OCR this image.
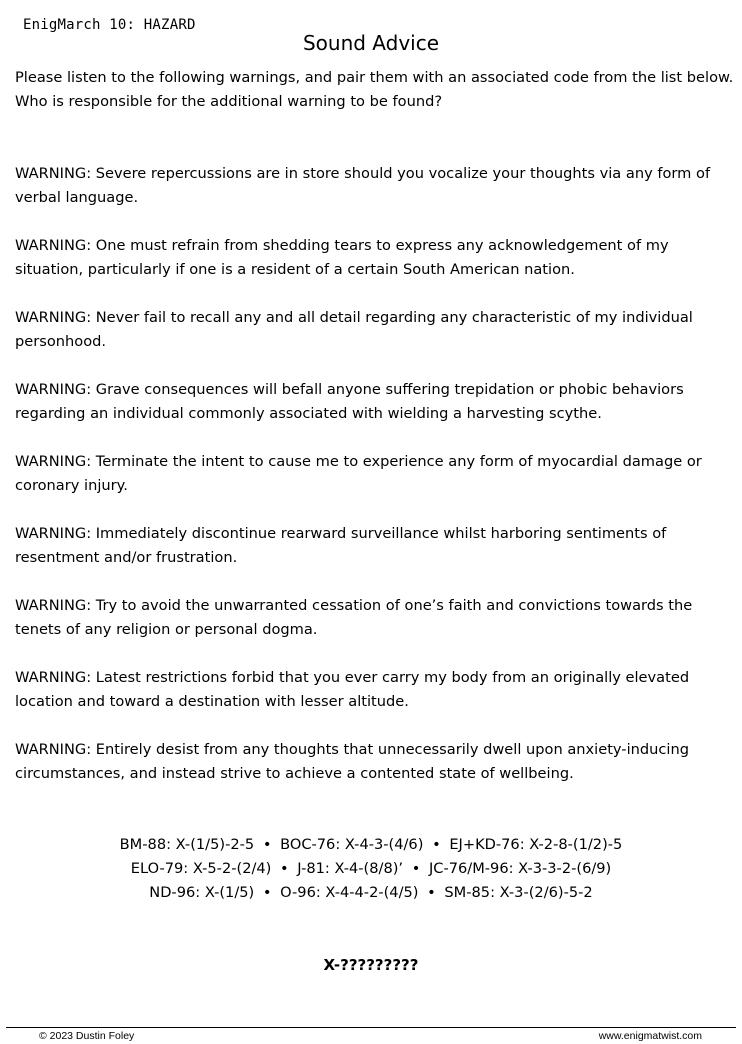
EnigMarch 10: HAZARD
Sound Advice
Please listen to the following warnings, and pair them with an associated code from the list below. Who is responsible for the additional warning to be found?
WARNING: Severe repercussions are in store should you vocalize your thoughts via any form of verbal language.
WARNING: One must refrain from shedding tears to express any acknowledgement of my situation, particularly if one is a resident of a certain South American nation.
WARNING: Never fail to recall any and all detail regarding any characteristic of my individual personhood.
WARNING: Grave consequences will befall anyone suffering trepidation or phobic behaviors regarding an individual commonly associated with wielding a harvesting scythe.
WARNING: Terminate the intent to cause me to experience any form of myocardial damage or coronary injury.
WARNING: Immediately discontinue rearward surveillance whilst harboring sentiments of resentment and/or frustration.
WARNING: Try to avoid the unwarranted cessation of one’s faith and convictions towards the tenets of any religion or personal dogma.
WARNING: Latest restrictions forbid that you ever carry my body from an originally elevated location and toward a destination with lesser altitude.
WARNING: Entirely desist from any thoughts that unnecessarily dwell upon anxiety-inducing circumstances, and instead strive to achieve a contented state of wellbeing.
BM-88: X-(1/5)-2-5 • BOC-76: X-4-3-(4/6) • EJ+KD-76: X-2-8-(1/2)-5
ELO-79: X-5-2-(2/4) • J-81: X-4-(8/8)’ • JC-76/M-96: X-3-3-2-(6/9)
ND-96: X-(1/5) • O-96: X-4-4-2-(4/5) • SM-85: X-3-(2/6)-5-2
X-?????????
© 2023 Dustin Foley	www.enigmatwist.com
